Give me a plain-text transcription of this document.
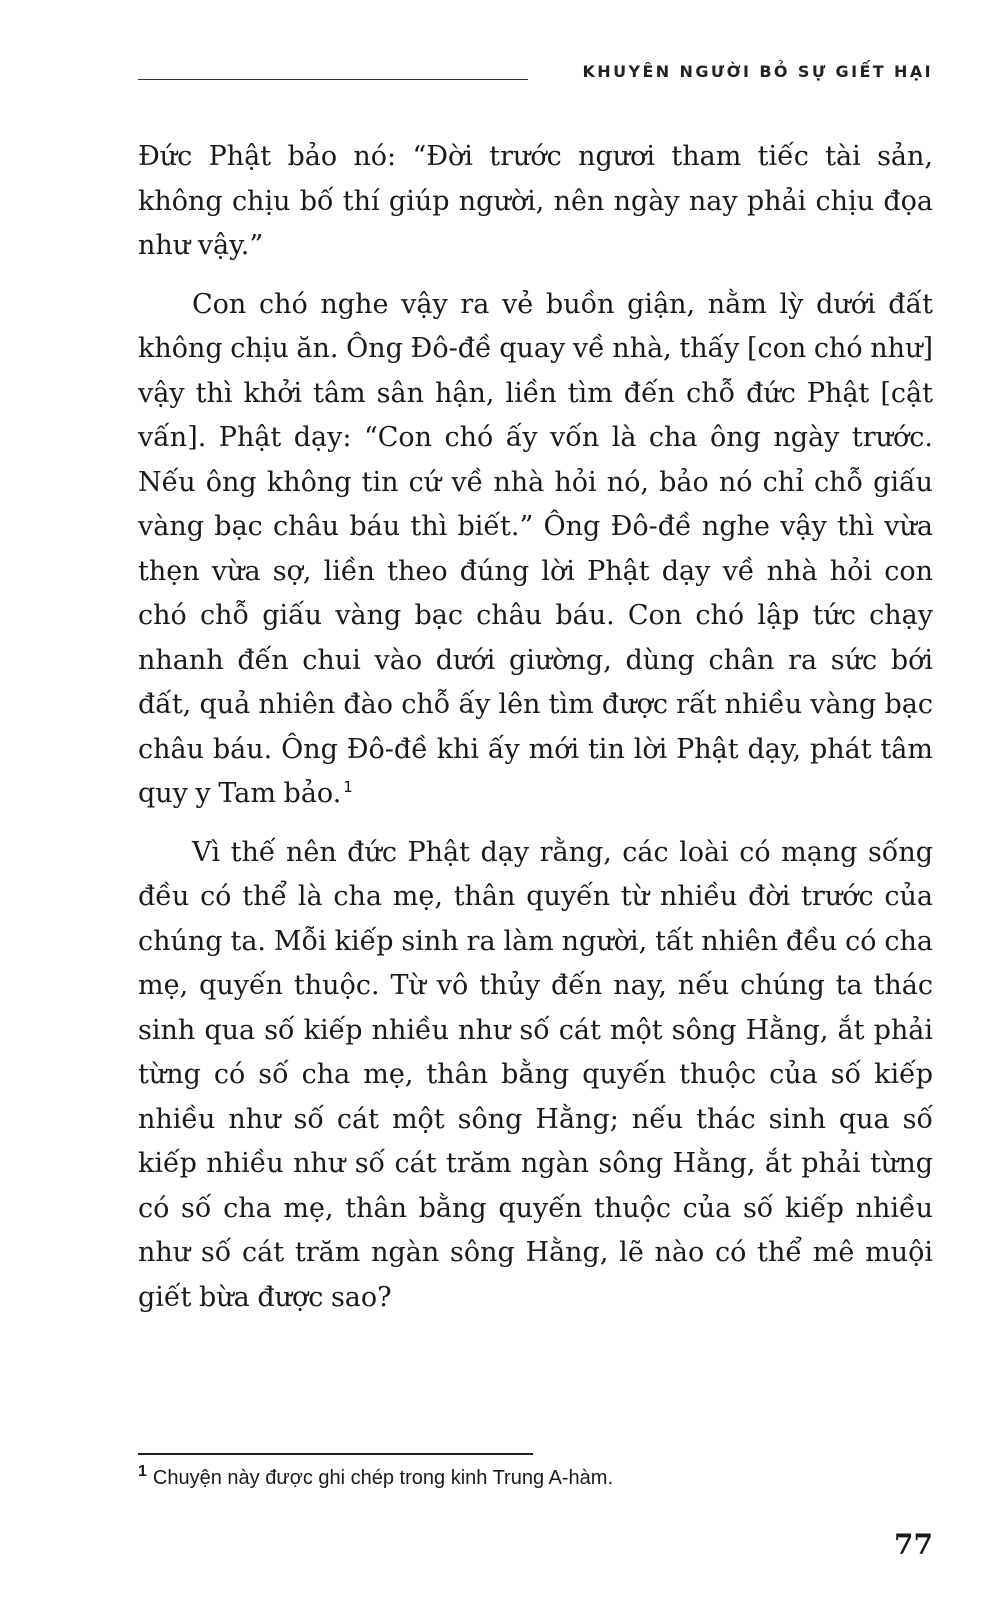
KHUYÊN NGƯỜI BỎ SỰ GIẾT HẠI

Đức Phật bảo nó: “Đời trước ngươi tham tiếc tài sản, không chịu bố thí giúp người, nên ngày nay phải chịu đọa như vậy.”

Con chó nghe vậy ra vẻ buồn giận, nằm lỳ dưới đất không chịu ăn. Ông Đô-đề quay về nhà, thấy [con chó như] vậy thì khởi tâm sân hận, liền tìm đến chỗ đức Phật [cật vấn]. Phật dạy: “Con chó ấy vốn là cha ông ngày trước. Nếu ông không tin cứ về nhà hỏi nó, bảo nó chỉ chỗ giấu vàng bạc châu báu thì biết.” Ông Đô-đề nghe vậy thì vừa thẹn vừa sợ, liền theo đúng lời Phật dạy về nhà hỏi con chó chỗ giấu vàng bạc châu báu. Con chó lập tức chạy nhanh đến chui vào dưới giường, dùng chân ra sức bới đất, quả nhiên đào chỗ ấy lên tìm được rất nhiều vàng bạc châu báu. Ông Đô-đề khi ấy mới tin lời Phật dạy, phát tâm quy y Tam bảo. $^1$

Vì thế nên đức Phật dạy rằng, các loài có mạng sống đều có thể là cha mẹ, thân quyến từ nhiều đời trước của chúng ta. Mỗi kiếp sinh ra làm người, tất nhiên đều có cha mẹ, quyến thuộc. Từ vô thủy đến nay, nếu chúng ta thác sinh qua số kiếp nhiều như số cát một sông Hằng, ắt phải từng có số cha mẹ, thân bằng quyến thuộc của số kiếp nhiều như số cát một sông Hằng; nếu thác sinh qua số kiếp nhiều như số cát trăm ngàn sông Hằng, ắt phải từng có số cha mẹ, thân bằng quyến thuộc của số kiếp nhiều như số cát trăm ngàn sông Hằng, lẽ nào có thể mê muội giết bừa được sao?

$^1$ Chuyện này được ghi chép trong kinh Trung A-hàm.
77
